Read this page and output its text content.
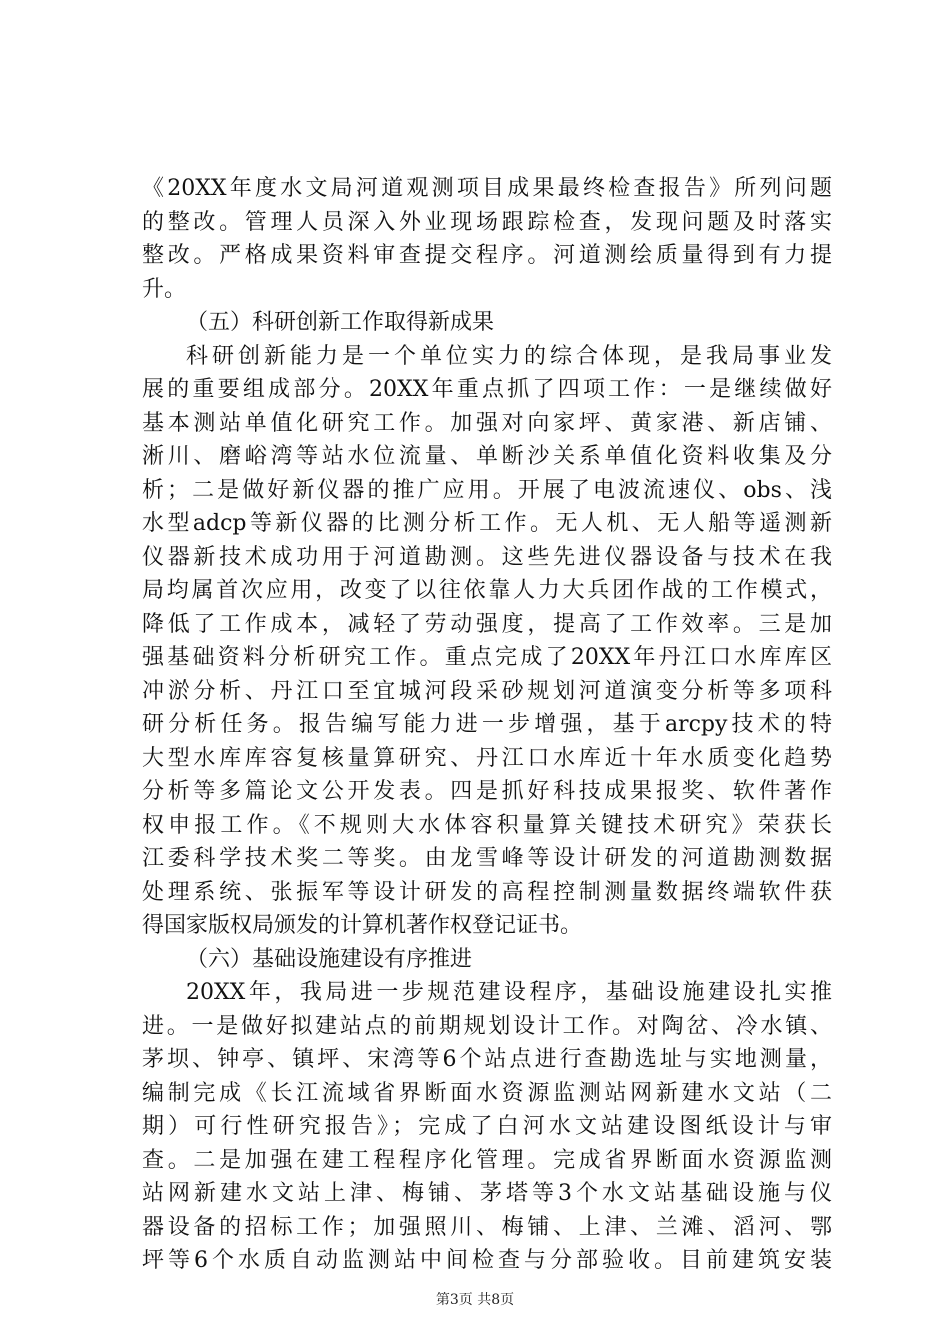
《20XX年度水文局河道观测项目成果最终检查报告》所列问题
的整改。管理人员深入外业现场跟踪检查，发现问题及时落实
整改。严格成果资料审查提交程序。河道测绘质量得到有力提
升。
（五）科研创新工作取得新成果
科研创新能力是一个单位实力的综合体现，是我局事业发
展的重要组成部分。20XX年重点抓了四项工作：一是继续做好
基本测站单值化研究工作。加强对向家坪、黄家港、新店铺、
淅川、磨峪湾等站水位流量、单断沙关系单值化资料收集及分
析；二是做好新仪器的推广应用。开展了电波流速仪、obs、浅
水型adcp等新仪器的比测分析工作。无人机、无人船等遥测新
仪器新技术成功用于河道勘测。这些先进仪器设备与技术在我
局均属首次应用，改变了以往依靠人力大兵团作战的工作模式，
降低了工作成本，减轻了劳动强度，提高了工作效率。三是加
强基础资料分析研究工作。重点完成了20XX年丹江口水库库区
冲淤分析、丹江口至宜城河段采砂规划河道演变分析等多项科
研分析任务。报告编写能力进一步增强，基于arcpy技术的特
大型水库库容复核量算研究、丹江口水库近十年水质变化趋势
分析等多篇论文公开发表。四是抓好科技成果报奖、软件著作
权申报工作。《不规则大水体容积量算关键技术研究》荣获长
江委科学技术奖二等奖。由龙雪峰等设计研发的河道勘测数据
处理系统、张振军等设计研发的高程控制测量数据终端软件获
得国家版权局颁发的计算机著作权登记证书。
（六）基础设施建设有序推进
20XX年，我局进一步规范建设程序，基础设施建设扎实推
进。一是做好拟建站点的前期规划设计工作。对陶岔、冷水镇、
茅坝、钟亭、镇坪、宋湾等6个站点进行查勘选址与实地测量，
编制完成《长江流域省界断面水资源监测站网新建水文站（二
期）可行性研究报告》；完成了白河水文站建设图纸设计与审
查。二是加强在建工程程序化管理。完成省界断面水资源监测
站网新建水文站上津、梅铺、茅塔等3个水文站基础设施与仪
器设备的招标工作；加强照川、梅铺、上津、兰滩、滔河、鄂
坪等6个水质自动监测站中间检查与分部验收。目前建筑安装
第3页 共8页
